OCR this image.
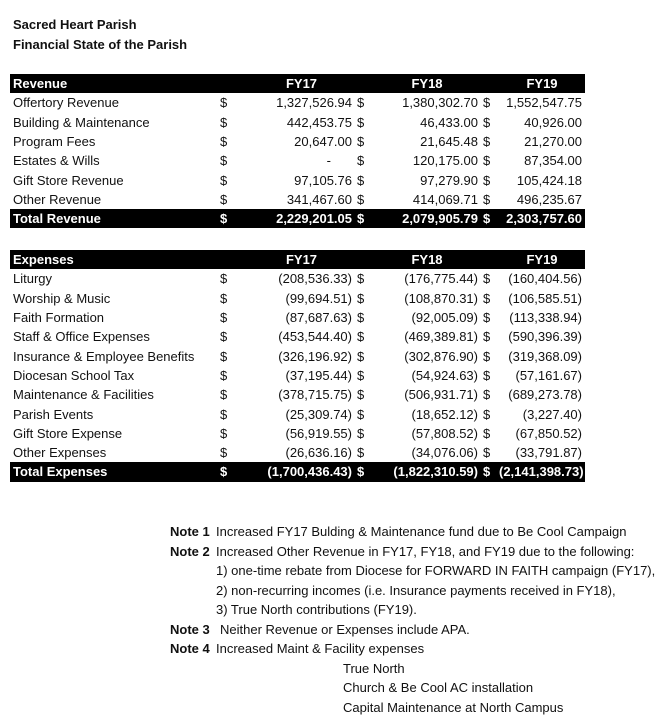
Sacred Heart Parish
Financial State of the Parish
Revenue		FY17		FY18		FY19
Offertory Revenue	$	1,327,526.94	$	1,380,302.70	$	1,552,547.75
Building & Maintenance	$	442,453.75	$	46,433.00	$	40,926.00
Program Fees	$	20,647.00	$	21,645.48	$	21,270.00
Estates & Wills	$	-	$	120,175.00	$	87,354.00
Gift Store Revenue	$	97,105.76	$	97,279.90	$	105,424.18
Other Revenue	$	341,467.60	$	414,069.71	$	496,235.67
Total Revenue	$	2,229,201.05	$	2,079,905.79	$	2,303,757.60
Expenses		FY17		FY18		FY19
Liturgy	$	(208,536.33)	$	(176,775.44)	$	(160,404.56)
Worship & Music	$	(99,694.51)	$	(108,870.31)	$	(106,585.51)
Faith Formation	$	(87,687.63)	$	(92,005.09)	$	(113,338.94)
Staff & Office Expenses	$	(453,544.40)	$	(469,389.81)	$	(590,396.39)
Insurance & Employee Benefits	$	(326,196.92)	$	(302,876.90)	$	(319,368.09)
Diocesan School Tax	$	(37,195.44)	$	(54,924.63)	$	(57,161.67)
Maintenance & Facilities	$	(378,715.75)	$	(506,931.71)	$	(689,273.78)
Parish Events	$	(25,309.74)	$	(18,652.12)	$	(3,227.40)
Gift Store Expense	$	(56,919.55)	$	(57,808.52)	$	(67,850.52)
Other Expenses	$	(26,636.16)	$	(34,076.06)	$	(33,791.87)
Total Expenses	$	(1,700,436.43)	$	(1,822,310.59)	$	(2,141,398.73)
Note 1 Increased FY17 Bulding & Maintenance fund due to Be Cool Campaign
Note 2 Increased Other Revenue in FY17, FY18, and FY19 due to the following:
1) one-time rebate from Diocese for FORWARD IN FAITH campaign (FY17),
2) non-recurring incomes (i.e. Insurance payments received in FY18),
3) True North contributions (FY19).
Note 3 Neither Revenue or Expenses include APA.
Note 4 Increased Maint & Facility expenses
True North
Church & Be Cool AC installation
Capital Maintenance at North Campus
